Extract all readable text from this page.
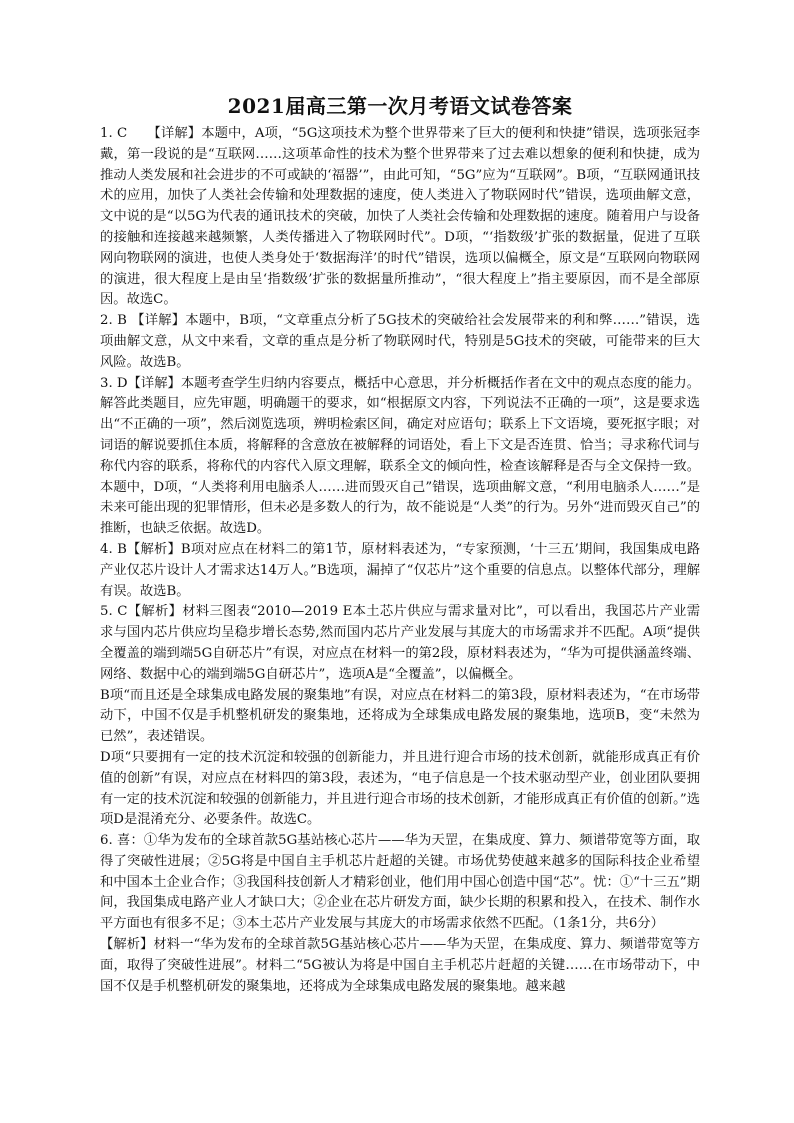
2021届高三第一次月考语文试卷答案

1. C　　【详解】本题中，A项，“5G这项技术为整个世界带来了巨大的便利和快捷”错误，选项张冠李戴，第一段说的是“互联网……这项革命性的技术为整个世界带来了过去难以想象的便利和快捷，成为推动人类发展和社会进步的不可或缺的‘福器’”，由此可知，“5G”应为“互联网”。B项，“互联网通讯技术的应用，加快了人类社会传输和处理数据的速度，使人类进入了物联网时代”错误，选项曲解文意，文中说的是“以5G为代表的通讯技术的突破，加快了人类社会传输和处理数据的速度。随着用户与设备的接触和连接越来越频繁，人类传播进入了物联网时代”。D项，“‘指数级’扩张的数据量，促进了互联网向物联网的演进，也使人类身处于‘数据海洋’的时代”错误，选项以偏概全，原文是“互联网向物联网的演进，很大程度上是由呈‘指数级’扩张的数据量所推动”，“很大程度上”指主要原因，而不是全部原因。故选C。

2. B 【详解】本题中，B项，“文章重点分析了5G技术的突破给社会发展带来的利和弊……”错误，选项曲解文意，从文中来看，文章的重点是分析了物联网时代，特别是5G技术的突破，可能带来的巨大风险。故选B。

3. D【详解】本题考查学生归纳内容要点，概括中心意思，并分析概括作者在文中的观点态度的能力。解答此类题目，应先审题，明确题干的要求，如“根据原文内容，下列说法不正确的一项”，这是要求选出“不正确的一项”，然后浏览选项，辨明检索区间，确定对应语句；联系上下文语境，要死抠字眼；对词语的解说要抓住本质，将解释的含意放在被解释的词语处，看上下文是否连贯、恰当；寻求称代词与称代内容的联系，将称代的内容代入原文理解，联系全文的倾向性，检查该解释是否与全文保持一致。本题中，D项，“人类将利用电脑杀人……进而毁灭自己”错误，选项曲解文意，“利用电脑杀人……”是未来可能出现的犯罪情形，但未必是多数人的行为，故不能说是“人类”的行为。另外“进而毁灭自己”的推断，也缺乏依据。故选D。

4. B【解析】B项对应点在材料二的第1节，原材料表述为，“专家预测，‘十三五’期间，我国集成电路产业仅芯片设计人才需求达14万人。”B选项，漏掉了“仅芯片”这个重要的信息点。以整体代部分，理解有误。故选B。

5. C【解析】材料三图表“2010—2019 E本土芯片供应与需求量对比”，可以看出，我国芯片产业需求与国内芯片供应均呈稳步增长态势,然而国内芯片产业发展与其庞大的市场需求并不匹配。A项“提供全覆盖的端到端5G自研芯片”有误，对应点在材料一的第2段，原材料表述为，“华为可提供涵盖终端、网络、数据中心的端到端5G自研芯片”，选项A是“全覆盖”，以偏概全。

B项“而且还是全球集成电路发展的聚集地”有误，对应点在材料二的第3段，原材料表述为，“在市场带动下，中国不仅是手机整机研发的聚集地，还将成为全球集成电路发展的聚集地，选项B，变“未然为已然”，表述错误。

D项“只要拥有一定的技术沉淀和较强的创新能力，并且进行迎合市场的技术创新，就能形成真正有价值的创新”有误，对应点在材料四的第3段，表述为，“电子信息是一个技术驱动型产业，创业团队要拥有一定的技术沉淀和较强的创新能力，并且进行迎合市场的技术创新，才能形成真正有价值的创新。”选项D是混淆充分、必要条件。故选C。

6. 喜：①华为发布的全球首款5G基站核心芯片——华为天罡，在集成度、算力、频谱带宽等方面，取得了突破性进展；②5G将是中国自主手机芯片赶超的关键。市场优势使越来越多的国际科技企业希望和中国本土企业合作；③我国科技创新人才精彩创业，他们用中国心创造中国“芯”。忧：①“十三五”期间，我国集成电路产业人才缺口大；②企业在芯片研发方面，缺少长期的积累和投入，在技术、制作水平方面也有很多不足；③本土芯片产业发展与其庞大的市场需求依然不匹配。（1条1分，共6分）

【解析】材料一“华为发布的全球首款5G基站核心芯片——华为天罡，在集成度、算力、频谱带宽等方面，取得了突破性进展”。材料二“5G被认为将是中国自主手机芯片赶超的关键……在市场带动下，中国不仅是手机整机研发的聚集地，还将成为全球集成电路发展的聚集地。越来越
